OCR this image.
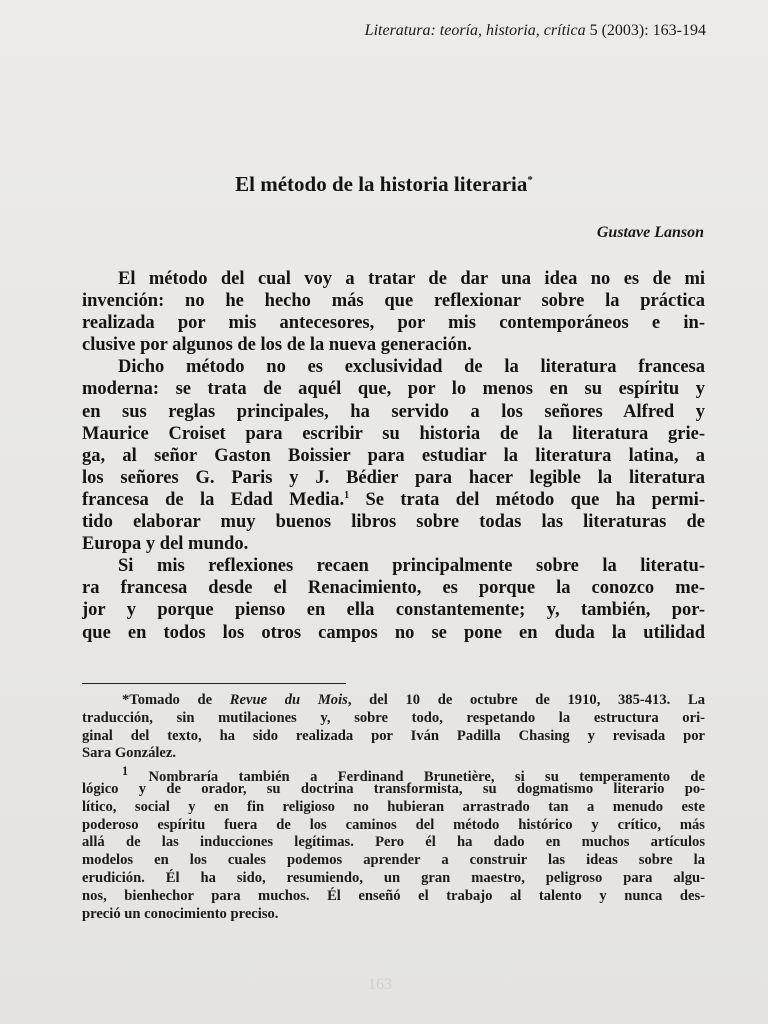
Literatura: teoría, historia, crítica 5 (2003): 163-194
El método de la historia literaria*
Gustave Lanson
El método del cual voy a tratar de dar una idea no es de mi
invención: no he hecho más que reflexionar sobre la práctica
realizada por mis antecesores, por mis contemporáneos e in-
clusive por algunos de los de la nueva generación.
Dicho método no es exclusividad de la literatura francesa
moderna: se trata de aquél que, por lo menos en su espíritu y
en sus reglas principales, ha servido a los señores Alfred y
Maurice Croiset para escribir su historia de la literatura grie-
ga, al señor Gaston Boissier para estudiar la literatura latina, a
los señores G. Paris y J. Bédier para hacer legible la literatura
francesa de la Edad Media.$^1$ Se trata del método que ha permi-
tido elaborar muy buenos libros sobre todas las literaturas de
Europa y del mundo.
Si mis reflexiones recaen principalmente sobre la literatu-
ra francesa desde el Renacimiento, es porque la conozco me-
jor y porque pienso en ella constantemente; y, también, por-
que en todos los otros campos no se pone en duda la utilidad
*Tomado de Revue du Mois, del 10 de octubre de 1910, 385-413. La
traducción, sin mutilaciones y, sobre todo, respetando la estructura ori-
ginal del texto, ha sido realizada por Iván Padilla Chasing y revisada por
Sara González.
$^1$ Nombraría también a Ferdinand Brunetière, si su temperamento de
lógico y de orador, su doctrina transformista, su dogmatismo literario po-
lítico, social y en fin religioso no hubieran arrastrado tan a menudo este
poderoso espíritu fuera de los caminos del método histórico y crítico, más
allá de las inducciones legítimas. Pero él ha dado en muchos artículos
modelos en los cuales podemos aprender a construir las ideas sobre la
erudición. Él ha sido, resumiendo, un gran maestro, peligroso para algu-
nos, bienhechor para muchos. Él enseñó el trabajo al talento y nunca des-
preció un conocimiento preciso.
163
